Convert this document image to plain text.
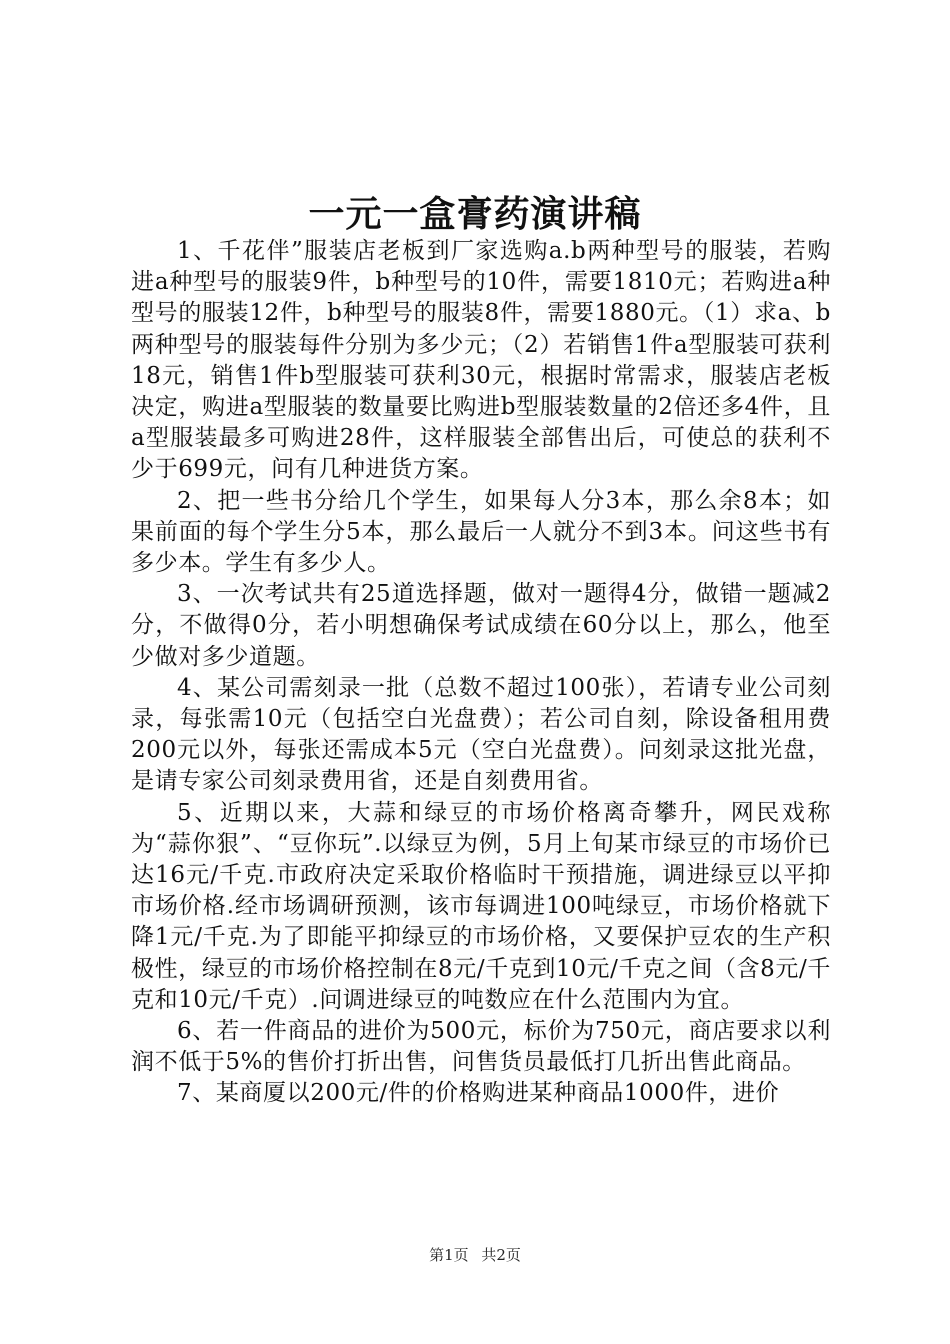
一元一盒膏药演讲稿

1、千花伴”服装店老板到厂家选购a.b两种型号的服装，若购进a种型号的服装9件，b种型号的10件，需要1810元；若购进a种型号的服装12件，b种型号的服装8件，需要1880元。（1）求a、b两种型号的服装每件分别为多少元；（2）若销售1件a型服装可获利18元，销售1件b型服装可获利30元，根据时常需求，服装店老板决定，购进a型服装的数量要比购进b型服装数量的2倍还多4件，且a型服装最多可购进28件，这样服装全部售出后，可使总的获利不少于699元，问有几种进货方案。

2、把一些书分给几个学生，如果每人分3本，那么余8本；如果前面的每个学生分5本，那么最后一人就分不到3本。问这些书有多少本。学生有多少人。

3、一次考试共有25道选择题，做对一题得4分，做错一题减2分，不做得0分，若小明想确保考试成绩在60分以上，那么，他至少做对多少道题。

4、某公司需刻录一批（总数不超过100张），若请专业公司刻录，每张需10元（包括空白光盘费）；若公司自刻，除设备租用费200元以外，每张还需成本5元（空白光盘费）。问刻录这批光盘，是请专家公司刻录费用省，还是自刻费用省。

5、近期以来，大蒜和绿豆的市场价格离奇攀升，网民戏称为“蒜你狠”、“豆你玩”.以绿豆为例，5月上旬某市绿豆的市场价已达16元/千克.市政府决定采取价格临时干预措施，调进绿豆以平抑市场价格.经市场调研预测，该市每调进100吨绿豆，市场价格就下降1元/千克.为了即能平抑绿豆的市场价格，又要保护豆农的生产积极性，绿豆的市场价格控制在8元/千克到10元/千克之间（含8元/千克和10元/千克）.问调进绿豆的吨数应在什么范围内为宜。

6、若一件商品的进价为500元，标价为750元，商店要求以利润不低于5%的售价打折出售，问售货员最低打几折出售此商品。

7、某商厦以200元/件的价格购进某种商品1000件，进价

第1页 共2页
